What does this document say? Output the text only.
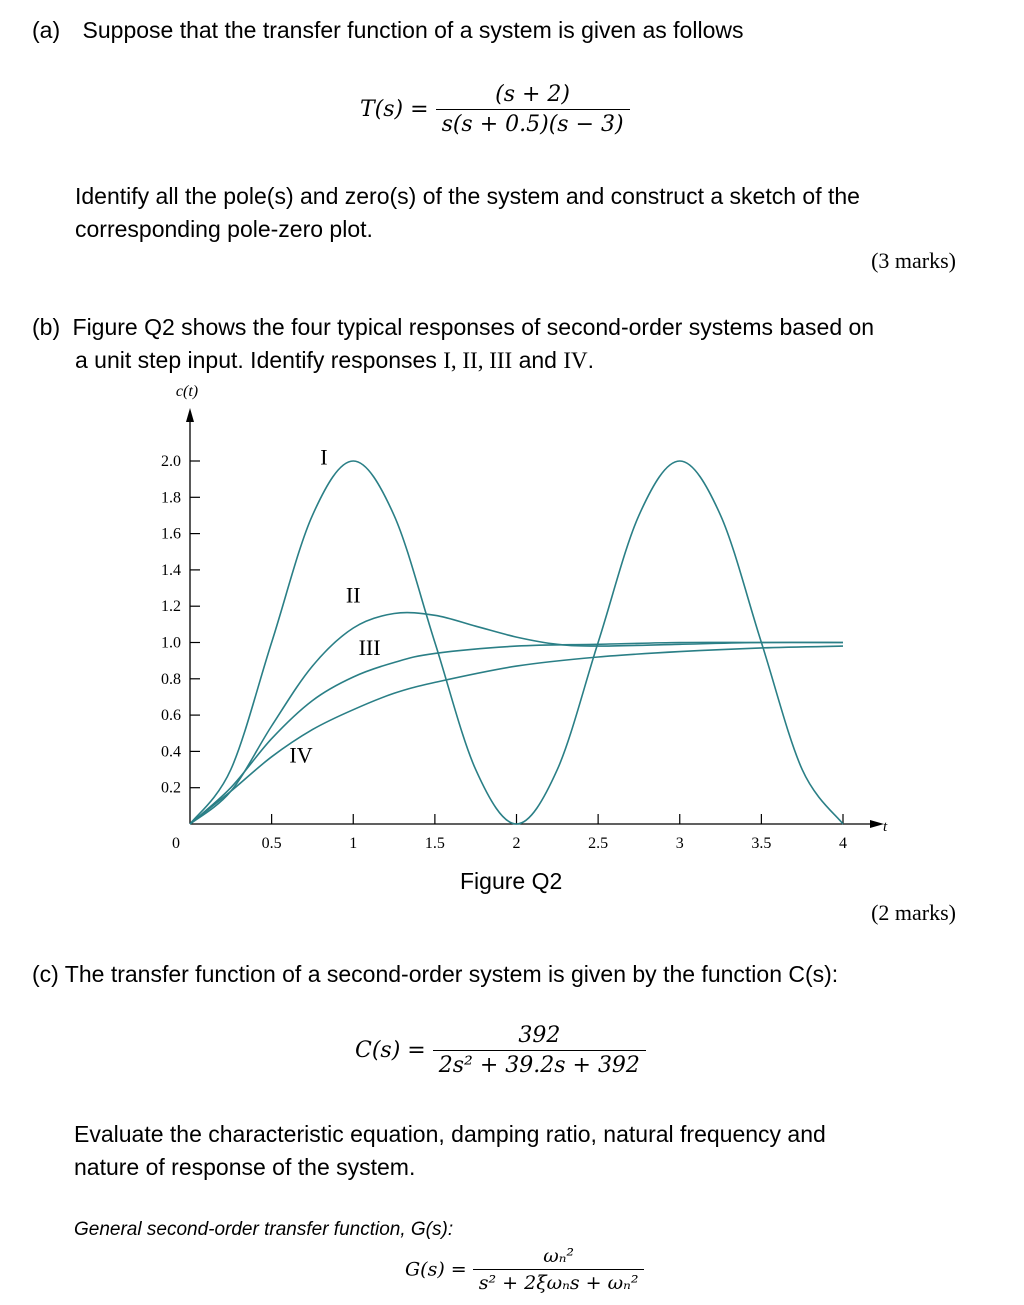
(a) Suppose that the transfer function of a system is given as follows
$T(s) = \frac{(s + 2)}{s(s + 0.5)(s - 3)}$
Identify all the pole(s) and zero(s) of the system and construct a sketch of the
corresponding pole-zero plot.
(3 marks)
(b) Figure Q2 shows the four typical responses of second-order systems based on
a unit step input. Identify responses I, II, III and IV.
2.0
1.8
1.6
1.4
1.2
1.0
0.8
0.6
0.4
0.2
0.5	1	1.5	2	2.5	3	3.5	4
0
c(t)
t
I
II
III
IV
Figure Q2
(2 marks)
(c) The transfer function of a second-order system is given by the function C(s):
$C(s) = \frac{392}{\text{2s² + 39.2s + 392}}$
Evaluate the characteristic equation, damping ratio, natural frequency and
nature of response of the system.
General second-order transfer function, G(s):
$G(s) = \frac{\text{ωₙ²}}{\text{s² + 2ξωₙs + ωₙ²}}$
